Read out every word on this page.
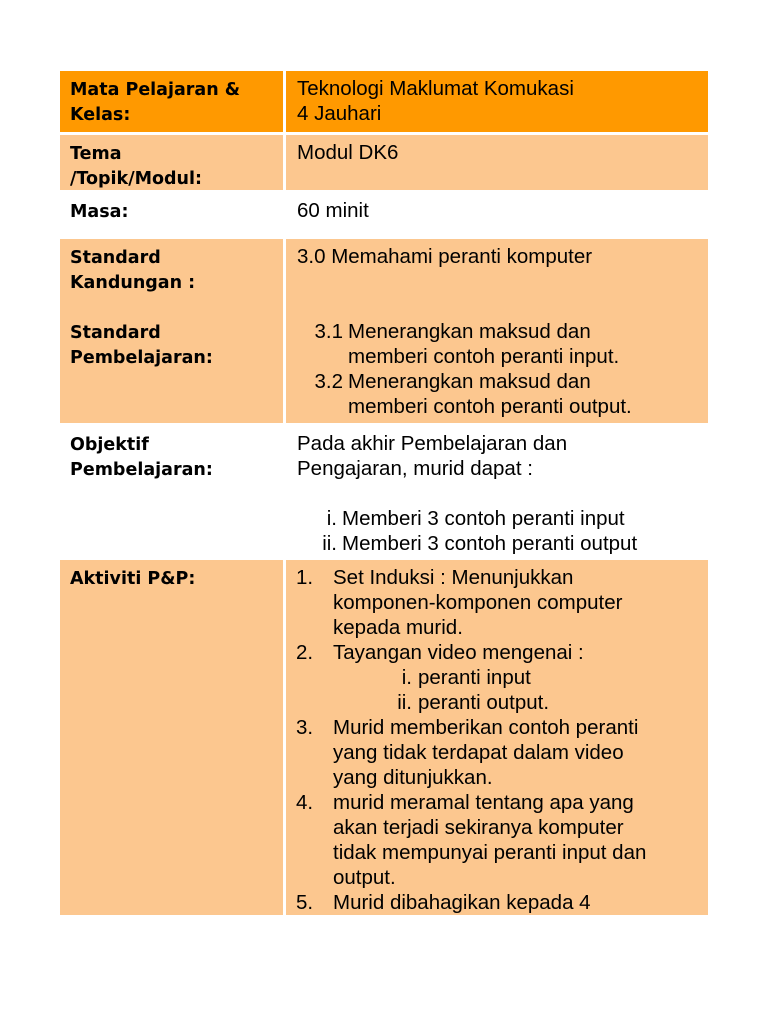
Mata Pelajaran & Kelas:

Teknologi Maklumat Komukasi

4 Jauhari

Tema

/Topik/Modul:

Modul DK6

Masa:	60 minit

Standard

Kandungan :

Standard

Pembelajaran:

3.0 Memahami peranti komputer

3.1 Menerangkan maksud dan

memberi contoh peranti input.

3.2 Menerangkan maksud dan

memberi contoh peranti output.

Objektif

Pembelajaran:

Pada akhir Pembelajaran dan

Pengajaran, murid dapat :

i. Memberi 3 contoh peranti input
ii. Memberi 3 contoh peranti output

Aktiviti P&P:	1. Set Induksi : Menunjukkan

komponen-komponen computer

kepada murid.

2. Tayangan video mengenai :

i. peranti input
ii. peranti output.
3. Murid memberikan contoh peranti

yang tidak terdapat dalam video

yang ditunjukkan.

4. murid meramal tentang apa yang

akan terjadi sekiranya komputer

tidak mempunyai peranti input dan

output.

5. Murid dibahagikan kepada 4
